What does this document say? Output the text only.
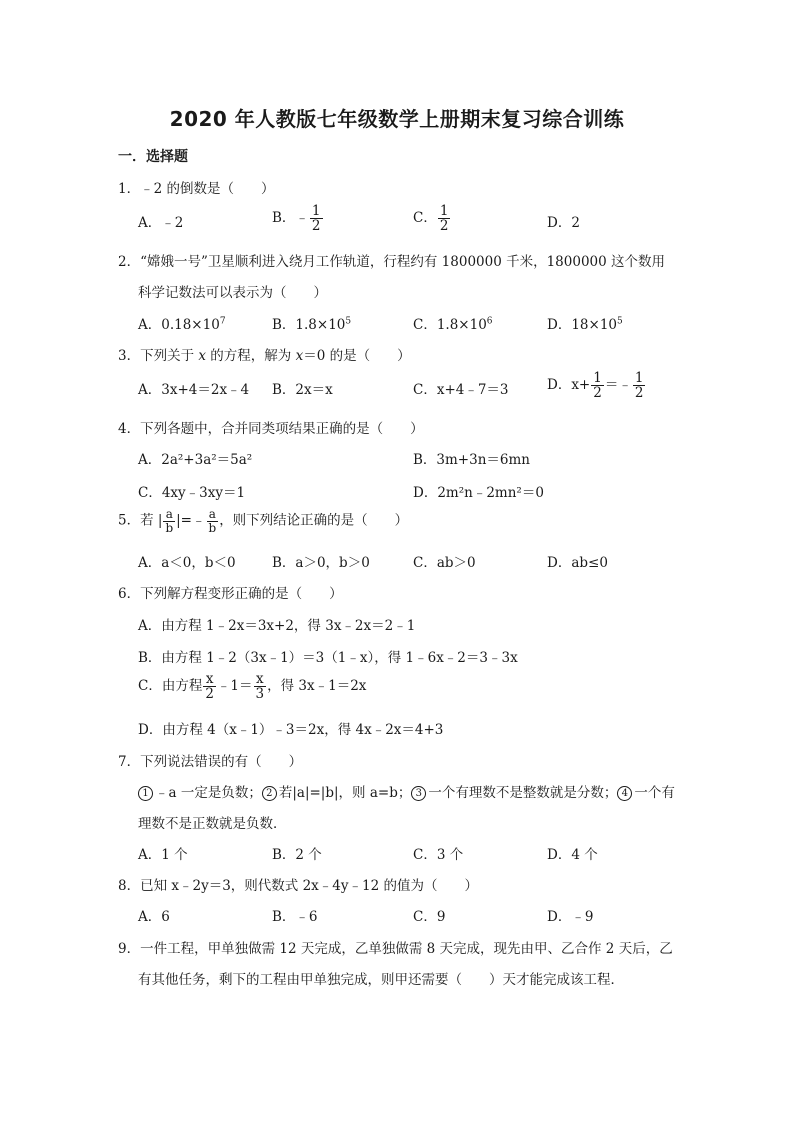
2020 年人教版七年级数学上册期末复习综合训练
一．选择题
1．﹣2 的倒数是（　　）
A．﹣2	B．﹣ $\frac{1}{2}$	C． $\frac{1}{2}$	D．2
2．“嫦娥一号”卫星顺利进入绕月工作轨道，行程约有 1800000 千米，1800000 这个数用
科学记数法可以表示为（　　）
A．$0.18\times 10^7$	B．$1.8\times 10^5$	C．$1.8\times 10^6$	D．$18\times 10^5$
3．下列关于 x 的方程，解为 x＝0 的是（　　）
A．3x+4＝2x﹣4 B．2x＝x	C．x+4﹣7＝3	D．$x+ \frac{1}{2}$ ＝﹣ $\frac{1}{2}$
4．下列各题中，合并同类项结果正确的是（　　）
A．2a²+3a²＝5a²	B．3m+3n＝6mn
C．4xy﹣3xy＝1	D．2m²n﹣2mn²＝0
5．若 | $\frac{a}{b}$ |=﹣ $\frac{a}{b}$ ，则下列结论正确的是（　　）
A．a＜0，b＜0	B．a＞0，b＞0	C．ab＞0	D．ab≤0
6．下列解方程变形正确的是（　　）
A．由方程 1﹣2x＝3x+2，得 3x﹣2x＝2﹣1
B．由方程 1﹣2（3x﹣1）＝3（1﹣x），得 1﹣6x﹣2＝3﹣3x
C．由方程 $\frac{x}{2}$ ﹣1＝ $\frac{x}{3}$ ，得 3x﹣1＝2x
D．由方程 4（x﹣1）﹣3＝2x，得 4x﹣2x＝4+3
7．下列说法错误的有（　　）
1 ﹣a 一定是负数； 2 若|a|=|b|，则 a=b； 3 一个有理数不是整数就是分数； 4 一个有
理数不是正数就是负数．
A．1 个	B．2 个	C．3 个	D．4 个
8．已知 x﹣2y＝3，则代数式 2x﹣4y﹣12 的值为（　　）
A．6	B．﹣6	C．9	D．﹣9
9．一件工程，甲单独做需 12 天完成，乙单独做需 8 天完成，现先由甲、乙合作 2 天后，乙
有其他任务，剩下的工程由甲单独完成，则甲还需要（　　）天才能完成该工程．
